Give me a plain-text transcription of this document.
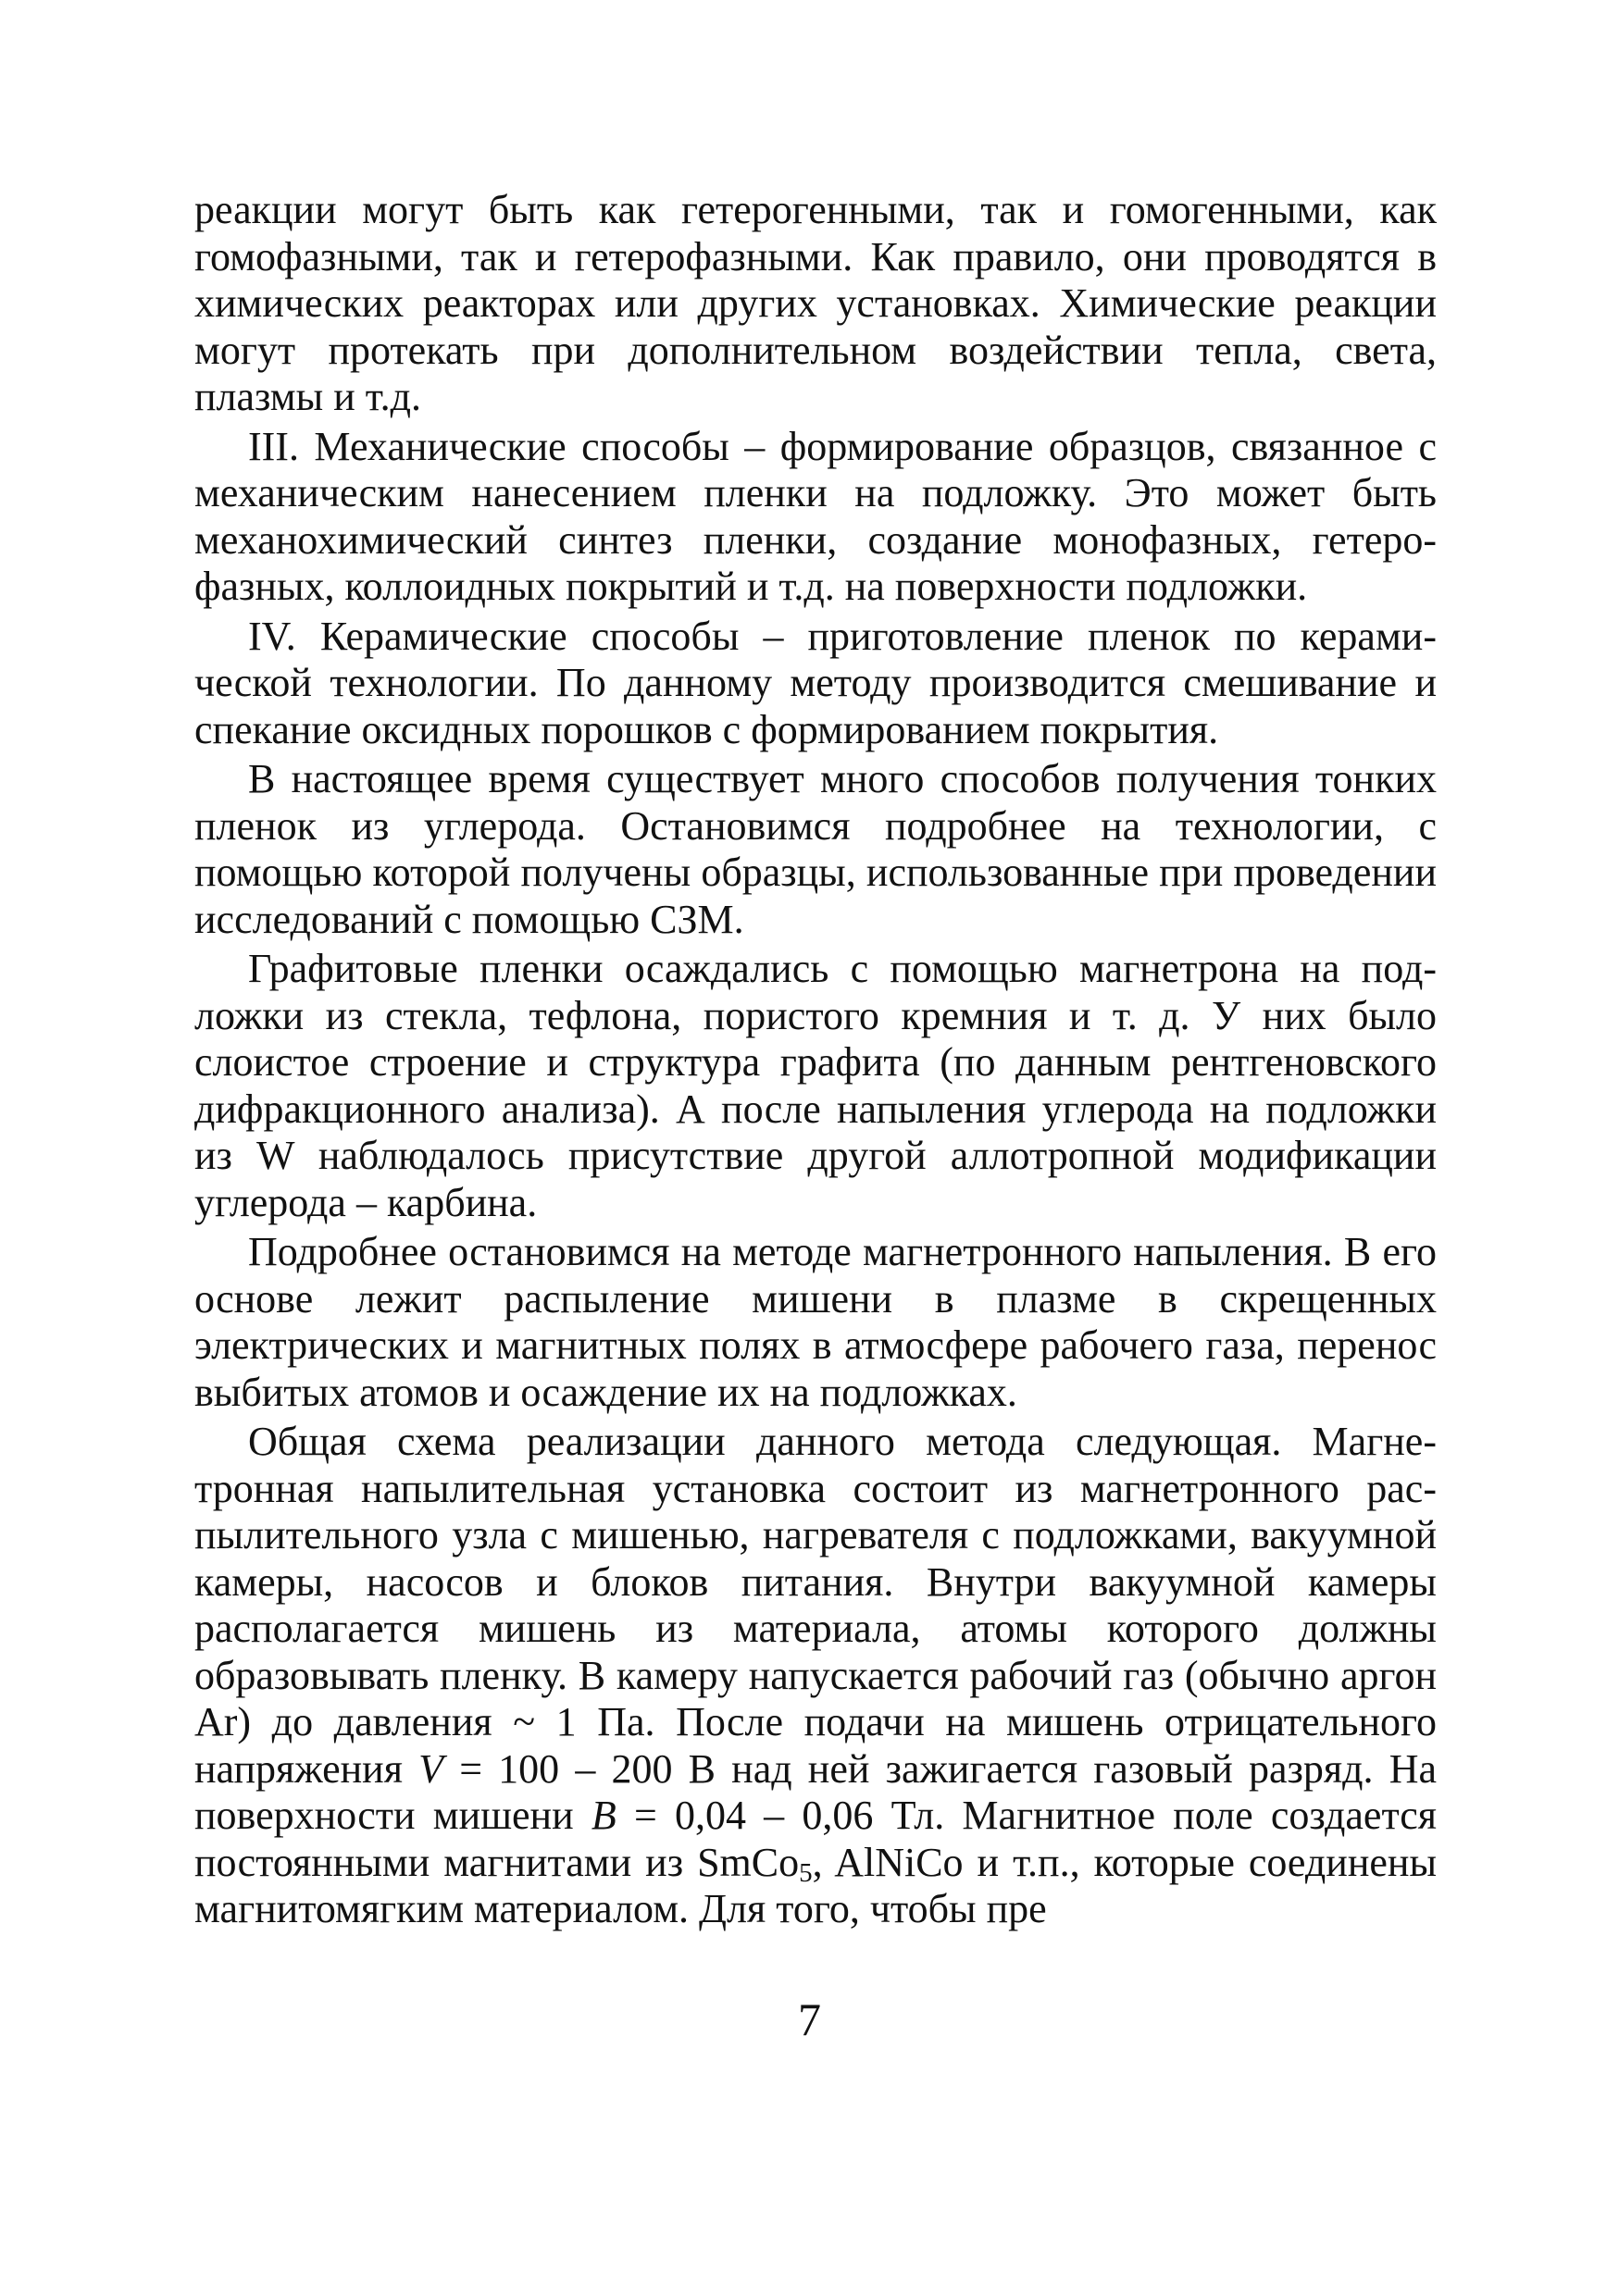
реакции могут быть как гетерогенными, так и гомогенными, как гомофазными, так и гетерофазными. Как правило, они проводятся в химических реакторах или других установках. Химические реакции могут протекать при дополнительном воздействии тепла, света, плазмы и т.д.

III. Механические способы – формирование образцов, связанное с механическим нанесением пленки на подложку. Это может быть механохимический синтез пленки, создание монофазных, гетерофазных, коллоидных покрытий и т.д. на поверхности подложки.

IV. Керамические способы – приготовление пленок по керамической технологии. По данному методу производится смешивание и спекание оксидных порошков с формированием покрытия.

В настоящее время существует много способов получения тонких пленок из углерода. Остановимся подробнее на технологии, с помощью которой получены образцы, использованные при проведении исследований с помощью СЗМ.

Графитовые пленки осаждались с помощью магнетрона на подложки из стекла, тефлона, пористого кремния и т. д. У них было слоистое строение и структура графита (по данным рентгеновского дифракционного анализа). А после напыления углерода на подложки из W наблюдалось присутствие другой аллотропной модификации углерода – карбина.

Подробнее остановимся на методе магнетронного напыления. В его основе лежит распыление мишени в плазме в скрещенных электрических и магнитных полях в атмосфере рабочего газа, перенос выбитых атомов и осаждение их на подложках.

Общая схема реализации данного метода следующая. Магнетронная напылительная установка состоит из магнетронного распылительного узла с мишенью, нагревателя с подложками, вакуумной камеры, насосов и блоков питания. Внутри вакуумной камеры располагается мишень из материала, атомы которого должны образовывать пленку. В камеру напускается рабочий газ (обычно аргон Ar) до давления ~ 1 Па. После подачи на мишень отрицательного напряжения V = 100 – 200 В над ней зажигается газовый разряд. На поверхности мишени B = 0,04 – 0,06 Тл. Магнитное поле создается постоянными магнитами из SmCo$_5$, AlNiCo и т.п., которые соединены магнитомягким материалом. Для того, чтобы пре

7
